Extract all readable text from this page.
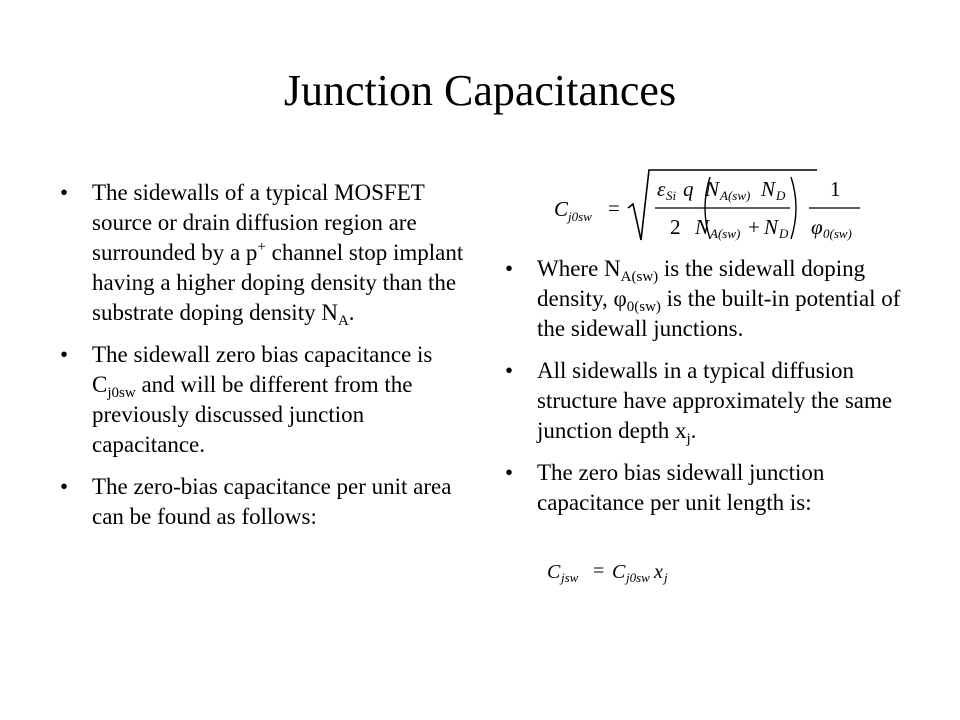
Junction Capacitances
• The sidewalls of a typical MOSFET source or drain diffusion region are surrounded by a p+ channel stop implant having a higher doping density than the substrate doping density $N_A$.
• The sidewall zero bias capacitance is $C_{j0sw}$ and will be different from the previously discussed junction capacitance.
• The zero-bias capacitance per unit area can be found as follows:
C j0sw =
ε Si q
2
N A(sw) N D
N A(sw) + N D
1
φ 0(sw)
• Where $N_{A(sw)}$ is the sidewall doping density, $\varphi_{0(sw)}$ is the built-in potential of the sidewall junctions.
• All sidewalls in a typical diffusion structure have approximately the same junction depth $x_j$.
• The zero bias sidewall junction capacitance per unit length is:
C jsw = C j0sw x j
